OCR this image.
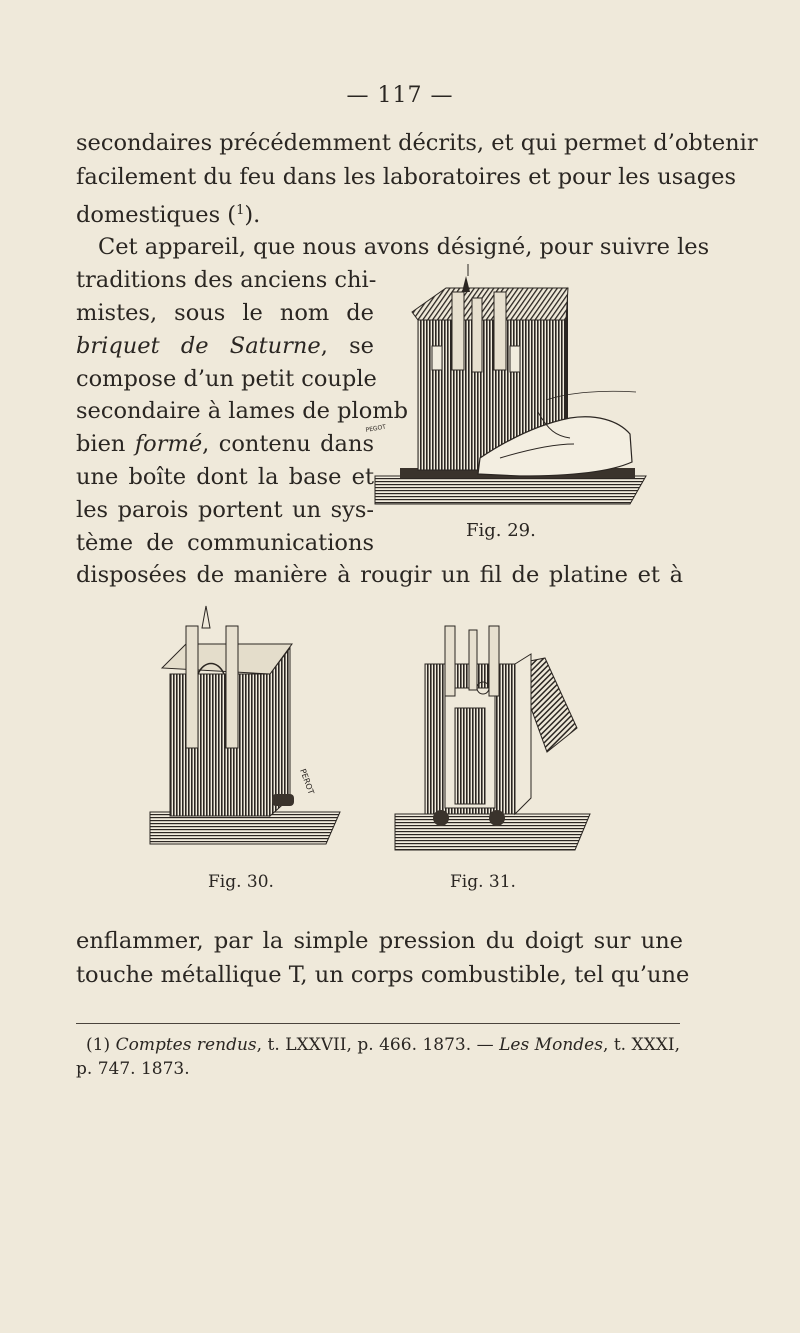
— 117 —
secondaires précédemment décrits, et qui permet d’obtenir
facilement du feu dans les laboratoires et pour les usages
domestiques ($^1$).
Cet appareil, que nous avons désigné, pour suivre les
traditions des anciens chi-
mistes, sous le nom de
briquet de Saturne, se
compose d’un petit couple
secondaire à lames de plomb
bien formé, contenu dans
une boîte dont la base et
les parois portent un sys-
tème de communications	Fig. 29.
disposées de manière à rougir un fil de platine et à
PEGOT
PEROT
Fig. 30.	Fig. 31.
enflammer, par la simple pression du doigt sur une
touche métallique T, un corps combustible, tel qu’une
(1) Comptes rendus, t. LXXVII, p. 466. 1873. — Les Mondes, t. XXXI,
p. 747. 1873.
